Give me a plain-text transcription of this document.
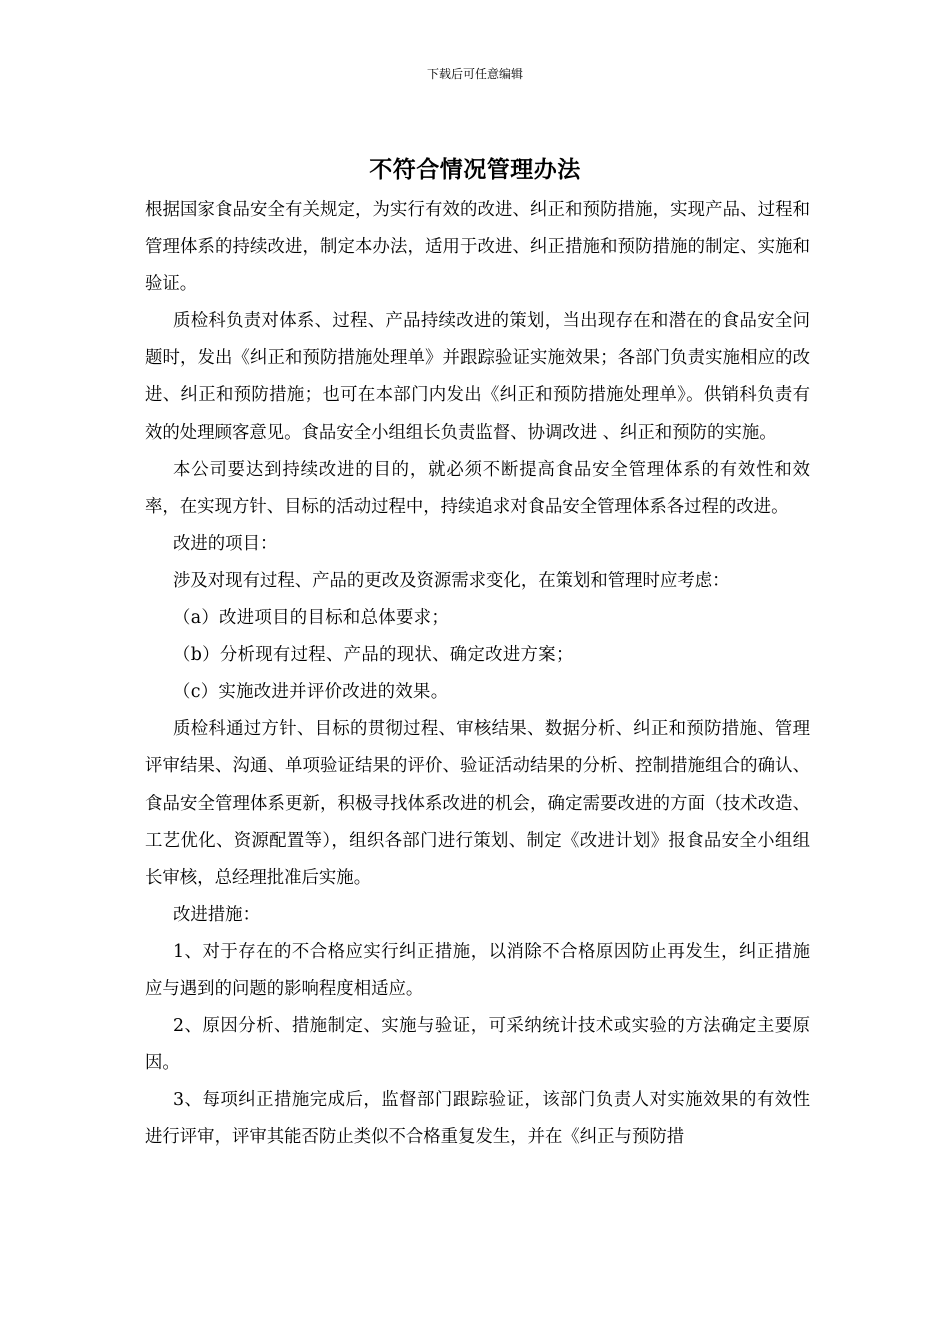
下载后可任意编辑
不符合情况管理办法

根据国家食品安全有关规定，为实行有效的改进、纠正和预防措施，实现产品、过程和管理体系的持续改进，制定本办法，适用于改进、纠正措施和预防措施的制定、实施和验证。

质检科负责对体系、过程、产品持续改进的策划，当出现存在和潜在的食品安全问题时，发出《纠正和预防措施处理单》并跟踪验证实施效果；各部门负责实施相应的改进、纠正和预防措施；也可在本部门内发出《纠正和预防措施处理单》。供销科负责有效的处理顾客意见。食品安全小组组长负责监督、协调改进 、纠正和预防的实施。

本公司要达到持续改进的目的，就必须不断提高食品安全管理体系的有效性和效率，在实现方针、目标的活动过程中，持续追求对食品安全管理体系各过程的改进。

改进的项目：

涉及对现有过程、产品的更改及资源需求变化，在策划和管理时应考虑：

（a）改进项目的目标和总体要求；

（b）分析现有过程、产品的现状、确定改进方案；

（c）实施改进并评价改进的效果。

质检科通过方针、目标的贯彻过程、审核结果、数据分析、纠正和预防措施、管理评审结果、沟通、单项验证结果的评价、验证活动结果的分析、控制措施组合的确认、食品安全管理体系更新，积极寻找体系改进的机会，确定需要改进的方面（技术改造、工艺优化、资源配置等），组织各部门进行策划、制定《改进计划》报食品安全小组组长审核，总经理批准后实施。

改进措施：

1、对于存在的不合格应实行纠正措施，以消除不合格原因防止再发生，纠正措施应与遇到的问题的影响程度相适应。

2、原因分析、措施制定、实施与验证，可采纳统计技术或实验的方法确定主要原因。

3、每项纠正措施完成后，监督部门跟踪验证，该部门负责人对实施效果的有效性进行评审，评审其能否防止类似不合格重复发生，并在《纠正与预防措
